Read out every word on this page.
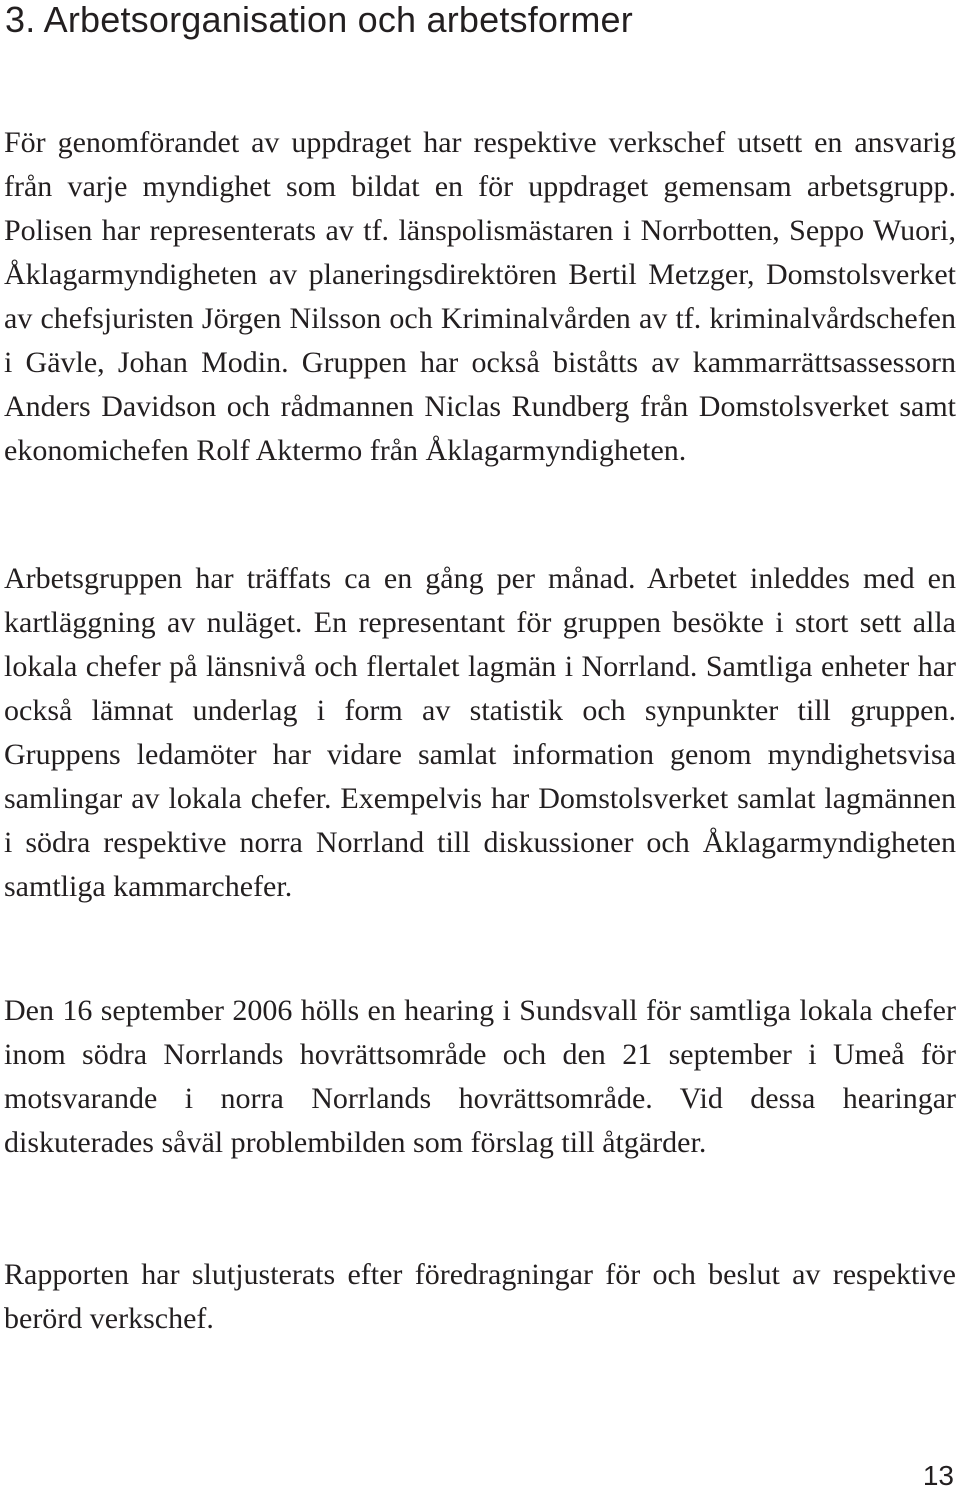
3. Arbetsorganisation och arbetsformer

För genomförandet av uppdraget har respektive verkschef utsett en ansvarig från varje myndighet som bildat en för uppdraget gemensam arbetsgrupp. Polisen har representerats av tf. länspolismästaren i Norrbotten, Seppo Wuori, Åklagarmyndigheten av planeringsdirektören Bertil Metzger, Domstolsverket av chefsjuristen Jörgen Nilsson och Kriminalvården av tf. kriminalvårdschefen i Gävle, Johan Modin. Gruppen har också biståtts av kammarrättsassessorn Anders Davidson och rådmannen Niclas Rundberg från Domstolsverket samt ekonomichefen Rolf Aktermo från Åklagarmyndigheten.

Arbetsgruppen har träffats ca en gång per månad. Arbetet inleddes med en kartläggning av nuläget. En representant för gruppen besökte i stort sett alla lokala chefer på länsnivå och flertalet lagmän i Norrland. Samtliga enheter har också lämnat underlag i form av statistik och synpunkter till gruppen. Gruppens ledamöter har vidare samlat information genom myndighetsvisa samlingar av lokala chefer. Exempelvis har Domstolsverket samlat lagmännen i södra respektive norra Norrland till diskussioner och Åklagarmyndigheten samtliga kammarchefer.

Den 16 september 2006 hölls en hearing i Sundsvall för samtliga lokala chefer inom södra Norrlands hovrättsområde och den 21 september i Umeå för motsvarande i norra Norrlands hovrättsområde. Vid dessa hearingar diskuterades såväl problembilden som förslag till åtgärder.

Rapporten har slutjusterats efter föredragningar för och beslut av respektive berörd verkschef.

13
